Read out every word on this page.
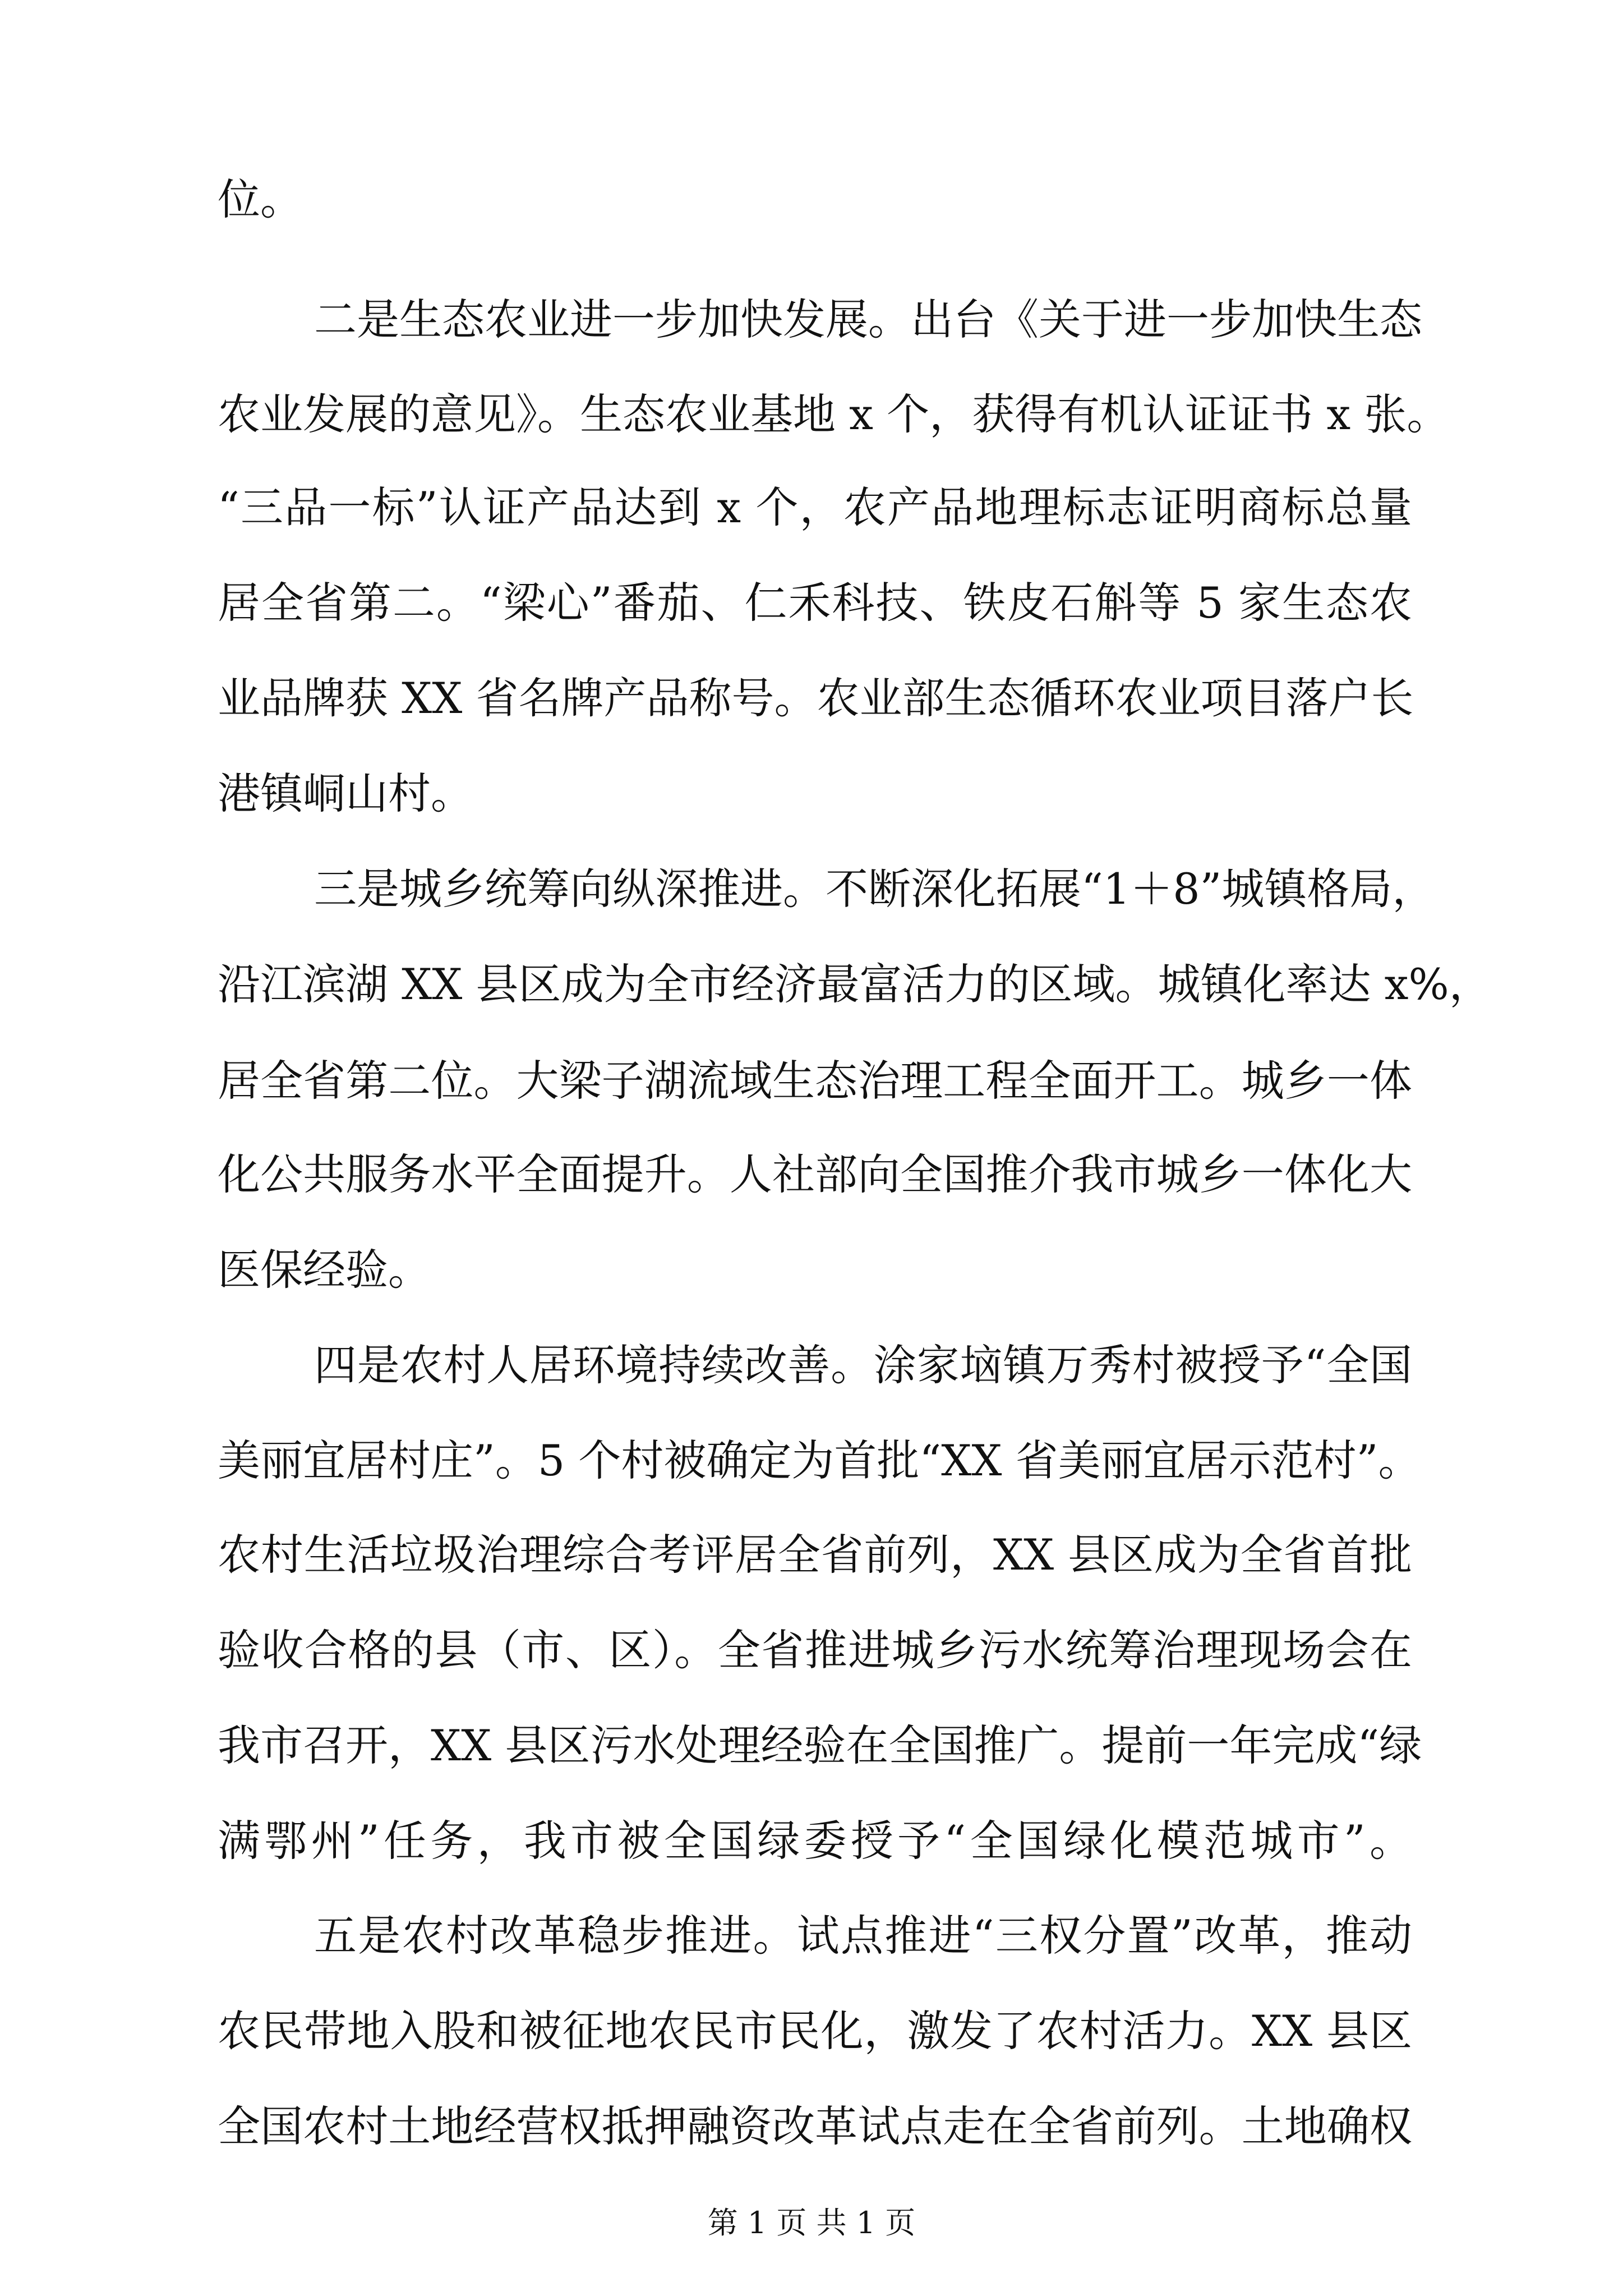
位。
二是生态农业进一步加快发展。出台《关于进一步加快生态
农业发展的意见》。生态农业基地 x 个，获得有机认证证书 x 张。
“三品一标”认证产品达到 x 个，农产品地理标志证明商标总量
居全省第二。“梁心”番茄、仁禾科技、铁皮石斛等 5 家生态农
业品牌获 XX 省名牌产品称号。农业部生态循环农业项目落户长
港镇峒山村。
三是城乡统筹向纵深推进。不断深化拓展“1＋8”城镇格局，
沿江滨湖 XX 县区成为全市经济最富活力的区域。城镇化率达 x%，
居全省第二位。大梁子湖流域生态治理工程全面开工。城乡一体
化公共服务水平全面提升。人社部向全国推介我市城乡一体化大
医保经验。
四是农村人居环境持续改善。涂家垴镇万秀村被授予“全国
美丽宜居村庄”。5 个村被确定为首批“XX 省美丽宜居示范村”。
农村生活垃圾治理综合考评居全省前列，XX 县区成为全省首批
验收合格的县（市、区）。全省推进城乡污水统筹治理现场会在
我市召开，XX 县区污水处理经验在全国推广。提前一年完成“绿
满鄂州”任务，我市被全国绿委授予“全国绿化模范城市”。
五是农村改革稳步推进。试点推进“三权分置”改革，推动
农民带地入股和被征地农民市民化，激发了农村活力。XX 县区
全国农村土地经营权抵押融资改革试点走在全省前列。土地确权
第 1 页 共 1 页
